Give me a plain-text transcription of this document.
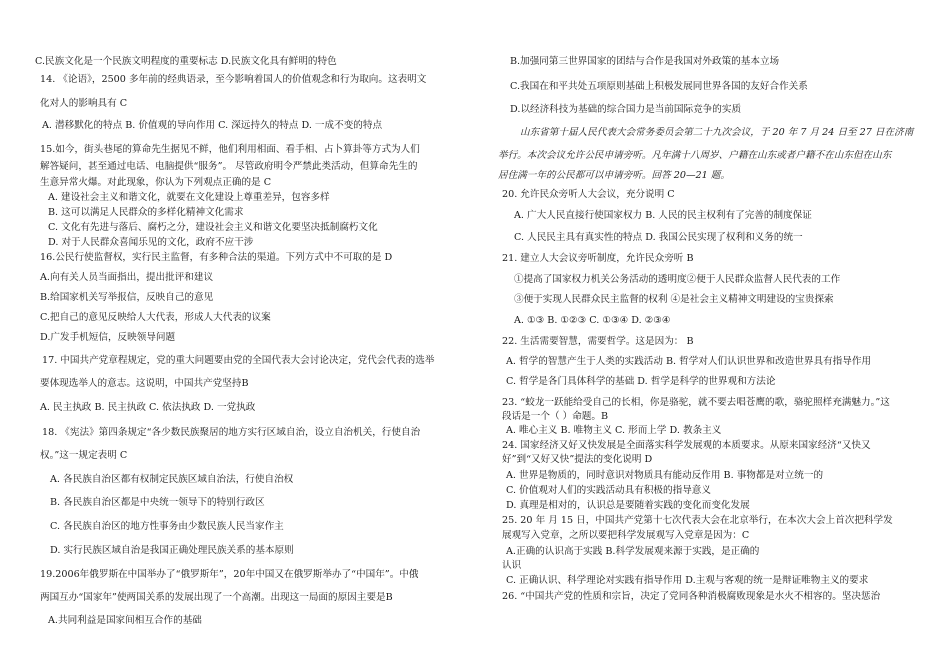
C.民族文化是一个民族文明程度的重要标志 D.民族文化具有鲜明的特色
14. 《论语》，2500 多年前的经典语录，至今影响着国人的价值观念和行为取向。这表明文
化对人的影响具有 C
A. 潜移默化的特点 B. 价值观的导向作用 C. 深远持久的特点 D. 一成不变的特点
15.如今，街头巷尾的算命先生据见不鲜，他们利用相面、看手相、占卜算卦等方式为人们
解答疑问，甚至通过电话、电脑提供“服务”。 尽管政府明令严禁此类活动，但算命先生的
生意异常火爆。对此现象，你认为下列观点正确的是 C
A. 建设社会主义和谐文化，就要在文化建设上尊重差异，包容多样
B. 这可以满足人民群众的多样化精神文化需求
C. 文化有先进与落后、腐朽之分，建设社会主义和谐文化要坚决抵制腐朽文化
D. 对于人民群众喜闻乐见的文化，政府不应干涉
16.公民行使监督权，实行民主监督，有多种合法的渠道。下列方式中不可取的是 D
A.向有关人员当面指出，提出批评和建议
B.给国家机关写举报信，反映自己的意见
C.把自己的意见反映给人大代表，形成人大代表的议案
D.广发手机短信，反映领导问题
17. 中国共产党章程规定，党的重大问题要由党的全国代表大会讨论决定，党代会代表的选举
要体现选举人的意志。这说明，中国共产党坚持B
A. 民主执政 B. 民主执政 C. 依法执政 D. 一党执政
18. 《宪法》第四条规定“各少数民族聚居的地方实行区域自治，设立自治机关，行使自治
权。”这一规定表明 C
A. 各民族自治区都有权制定民族区域自治法，行使自治权
B. 各民族自治区都是中央统一领导下的特别行政区
C. 各民族自治区的地方性事务由少数民族人民当家作主
D. 实行民族区域自治是我国正确处理民族关系的基本原则
19.2006年俄罗斯在中国举办了“俄罗斯年”，20年中国又在俄罗斯举办了“中国年”。中俄
两国互办“国家年”使两国关系的发展出现了一个高潮。出现这一局面的原因主要是B
A.共同利益是国家间相互合作的基础
B.加强同第三世界国家的团结与合作是我国对外政策的基本立场
C.我国在和平共处五项原则基础上积极发展同世界各国的友好合作关系
D.以经济科技为基础的综合国力是当前国际竞争的实质
山东省第十届人民代表大会常务委员会第二十九次会议，于 20 年 7 月 24 日至 27 日在济南
举行。本次会议允许公民申请旁听。凡年满十八周岁、户籍在山东或者户籍不在山东但在山东
居住满一年的公民都可以申请旁听。回答 20—21 题。
20. 允许民众旁听人大会议，充分说明 C
A. 广大人民直接行使国家权力 B. 人民的民主权利有了完善的制度保证
C. 人民民主具有真实性的特点 D. 我国公民实现了权利和义务的统一
21. 建立人大会议旁听制度，允许民众旁听 B
①提高了国家权力机关公务活动的透明度②便于人民群众监督人民代表的工作
③便于实现人民群众民主监督的权利 ④是社会主义精神文明建设的宝贵探索
A. ①③ B. ①②③ C. ①③④ D. ②③④
22. 生活需要智慧，需要哲学。这是因为： B
A. 哲学的智慧产生于人类的实践活动 B. 哲学对人们认识世界和改造世界具有指导作用
C. 哲学是各门具体科学的基础 D. 哲学是科学的世界观和方法论
23. “蛟龙一跃能给受自己的长相，你是骆驼，就不要去唱苍鹰的歌，骆驼照样充满魅力。”这
段话是一个（ ）命题。B
A. 唯心主义 B. 唯物主义 C. 形而上学 D. 教条主义
24. 国家经济又好又快发展是全面落实科学发展观的本质要求。从原来国家经济“又快又
好”到“又好又快”提法的变化说明 D
A. 世界是物质的，同时意识对物质具有能动反作用 B. 事物都是对立统一的
C. 价值观对人们的实践活动具有积极的指导意义
D. 真理是相对的，认识总是要随着实践的变化而变化发展
25. 20 年 月 15 日，中国共产党第十七次代表大会在北京举行，在本次大会上首次把科学发
展观写入党章，之所以要把科学发展观写入党章是因为：C
A.正确的认识高于实践 B.科学发展观来源于实践，是正确的
认识
C. 正确认识、科学理论对实践有指导作用 D.主观与客观的统一是辩证唯物主义的要求
26. “中国共产党的性质和宗旨，决定了党同各种消极腐败现象是水火不相容的。坚决惩治
